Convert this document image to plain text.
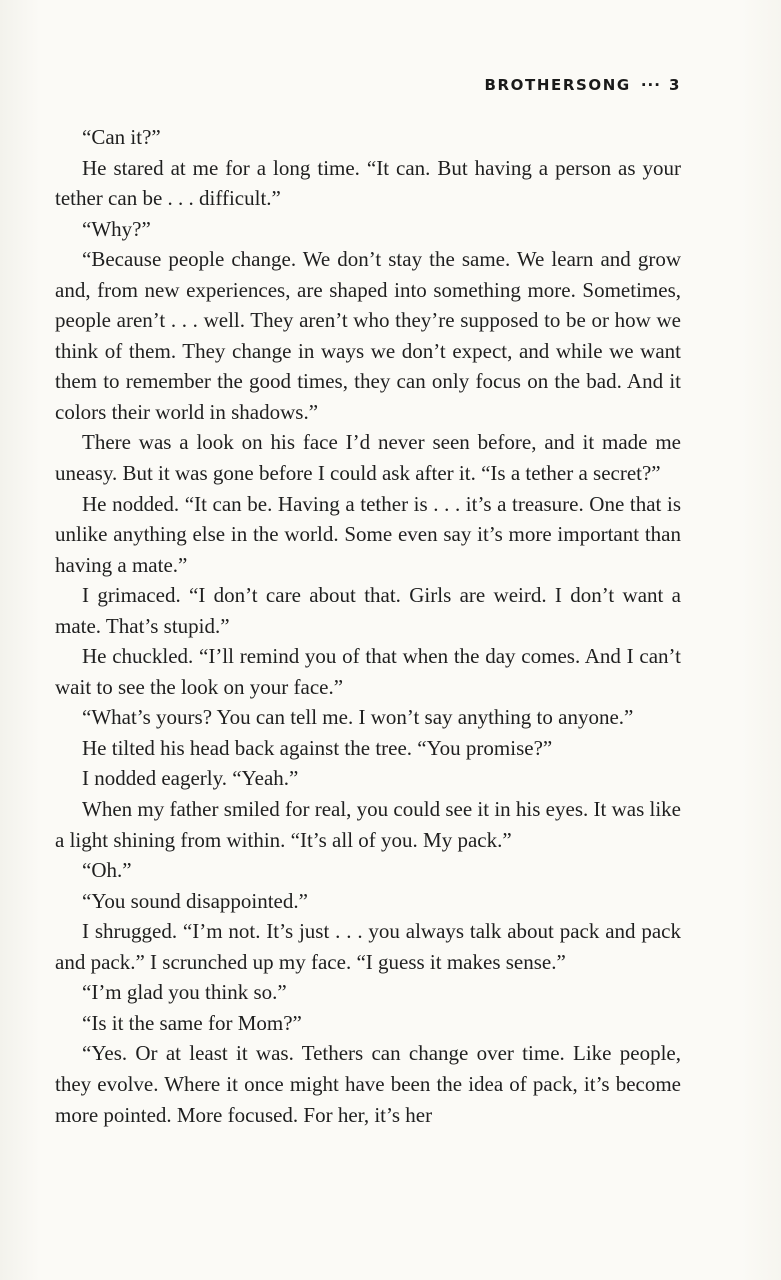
BROTHERSONG ··· 3

“Can it?”

He stared at me for a long time. “It can. But having a person as your tether can be . . . difficult.”

“Why?”

“Because people change. We don’t stay the same. We learn and grow and, from new experiences, are shaped into something more. Sometimes, people aren’t . . . well. They aren’t who they’re supposed to be or how we think of them. They change in ways we don’t expect, and while we want them to remember the good times, they can only focus on the bad. And it colors their world in shadows.”

There was a look on his face I’d never seen before, and it made me uneasy. But it was gone before I could ask after it. “Is a tether a secret?”

He nodded. “It can be. Having a tether is . . . it’s a treasure. One that is unlike anything else in the world. Some even say it’s more important than having a mate.”

I grimaced. “I don’t care about that. Girls are weird. I don’t want a mate. That’s stupid.”

He chuckled. “I’ll remind you of that when the day comes. And I can’t wait to see the look on your face.”

“What’s yours? You can tell me. I won’t say anything to anyone.”

He tilted his head back against the tree. “You promise?”

I nodded eagerly. “Yeah.”

When my father smiled for real, you could see it in his eyes. It was like a light shining from within. “It’s all of you. My pack.”

“Oh.”

“You sound disappointed.”

I shrugged. “I’m not. It’s just . . . you always talk about pack and pack and pack.” I scrunched up my face. “I guess it makes sense.”

“I’m glad you think so.”

“Is it the same for Mom?”

“Yes. Or at least it was. Tethers can change over time. Like people, they evolve. Where it once might have been the idea of pack, it’s become more pointed. More focused. For her, it’s her
